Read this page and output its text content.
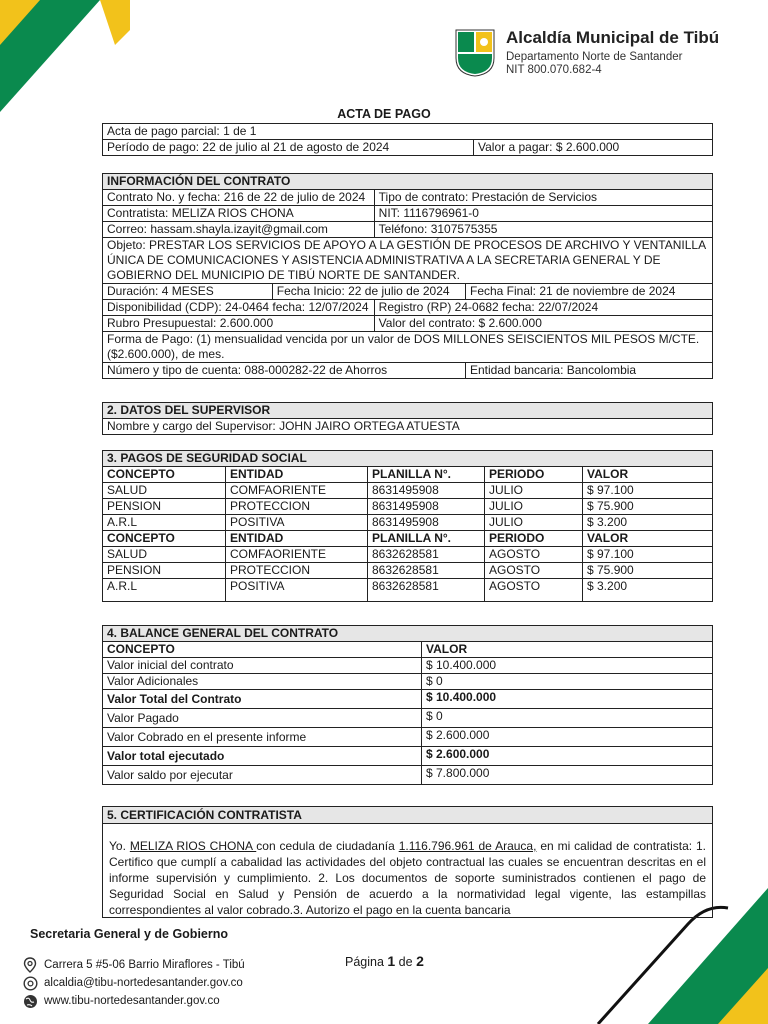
Alcaldía Municipal de Tibú
Departamento Norte de Santander
NIT 800.070.682-4
ACTA DE PAGO
Acta de pago parcial: 1 de 1
Período de pago: 22 de julio al 21 de agosto de 2024	Valor a pagar: $ 2.600.000
INFORMACIÓN DEL CONTRATO			
Contrato No. y fecha: 216 de 22 de julio de 2024		Tipo de contrato: Prestación de Servicios	
Contratista: MELIZA RIOS CHONA		NIT: 1116796961-0	
Correo: hassam.shayla.izayit@gmail.com		Teléfono: 3107575355	
Objeto: PRESTAR LOS SERVICIOS DE APOYO A LA GESTIÓN DE PROCESOS DE ARCHIVO Y VENTANILLA ÚNICA DE COMUNICACIONES Y ASISTENCIA ADMINISTRATIVA A LA SECRETARIA GENERAL Y DE GOBIERNO DEL MUNICIPIO DE TIBÚ NORTE DE SANTANDER.			
Duración: 4 MESES	Fecha Inicio: 22 de julio de 2024		Fecha Final: 21 de noviembre de 2024
Disponibilidad (CDP): 24-0464 fecha: 12/07/2024		Registro (RP) 24-0682 fecha: 22/07/2024	
Rubro Presupuestal: 2.600.000		Valor del contrato: $ 2.600.000	
Forma de Pago: (1) mensualidad vencida por un valor de DOS MILLONES SEISCIENTOS MIL PESOS M/CTE. ($2.600.000), de mes.			
Número y tipo de cuenta: 088-000282-22 de Ahorros			Entidad bancaria: Bancolombia
2. DATOS DEL SUPERVISOR
Nombre y cargo del Supervisor: JOHN JAIRO ORTEGA ATUESTA
3. PAGOS DE SEGURIDAD SOCIAL				
CONCEPTO	ENTIDAD	PLANILLA N°.	PERIODO	VALOR
SALUD	COMFAORIENTE	8631495908	JULIO	$ 97.100
PENSION	PROTECCION	8631495908	JULIO	$ 75.900
A.R.L	POSITIVA	8631495908	JULIO	$ 3.200
CONCEPTO	ENTIDAD	PLANILLA N°.	PERIODO	VALOR
SALUD	COMFAORIENTE	8632628581	AGOSTO	$ 97.100
PENSION	PROTECCION	8632628581	AGOSTO	$ 75.900
A.R.L	POSITIVA	8632628581	AGOSTO	$ 3.200
4. BALANCE GENERAL DEL CONTRATO	
CONCEPTO	VALOR
Valor inicial del contrato	$ 10.400.000
Valor Adicionales	$ 0
Valor Total del Contrato	$ 10.400.000
Valor Pagado	$ 0
Valor Cobrado en el presente informe	$ 2.600.000
Valor total ejecutado	$ 2.600.000
Valor saldo por ejecutar	$ 7.800.000
5. CERTIFICACIÓN CONTRATISTA
Yo. MELIZA RIOS CHONA con cedula de ciudadanía 1.116.796.961 de Arauca, en mi calidad de contratista: 1. Certifico que cumplí a cabalidad las actividades del objeto contractual las cuales se encuentran descritas en el informe supervisión y cumplimiento. 2. Los documentos de soporte suministrados contienen el pago de Seguridad Social en Salud y Pensión de acuerdo a la normatividad legal vigente, las estampillas correspondientes al valor cobrado.3. Autorizo el pago en la cuenta bancaria
Secretaria General y de Gobierno
Carrera 5 #5-06 Barrio Miraflores - Tibú
alcaldia@tibu-nortedesantander.gov.co
www.tibu-nortedesantander.gov.co
Página 1 de 2
